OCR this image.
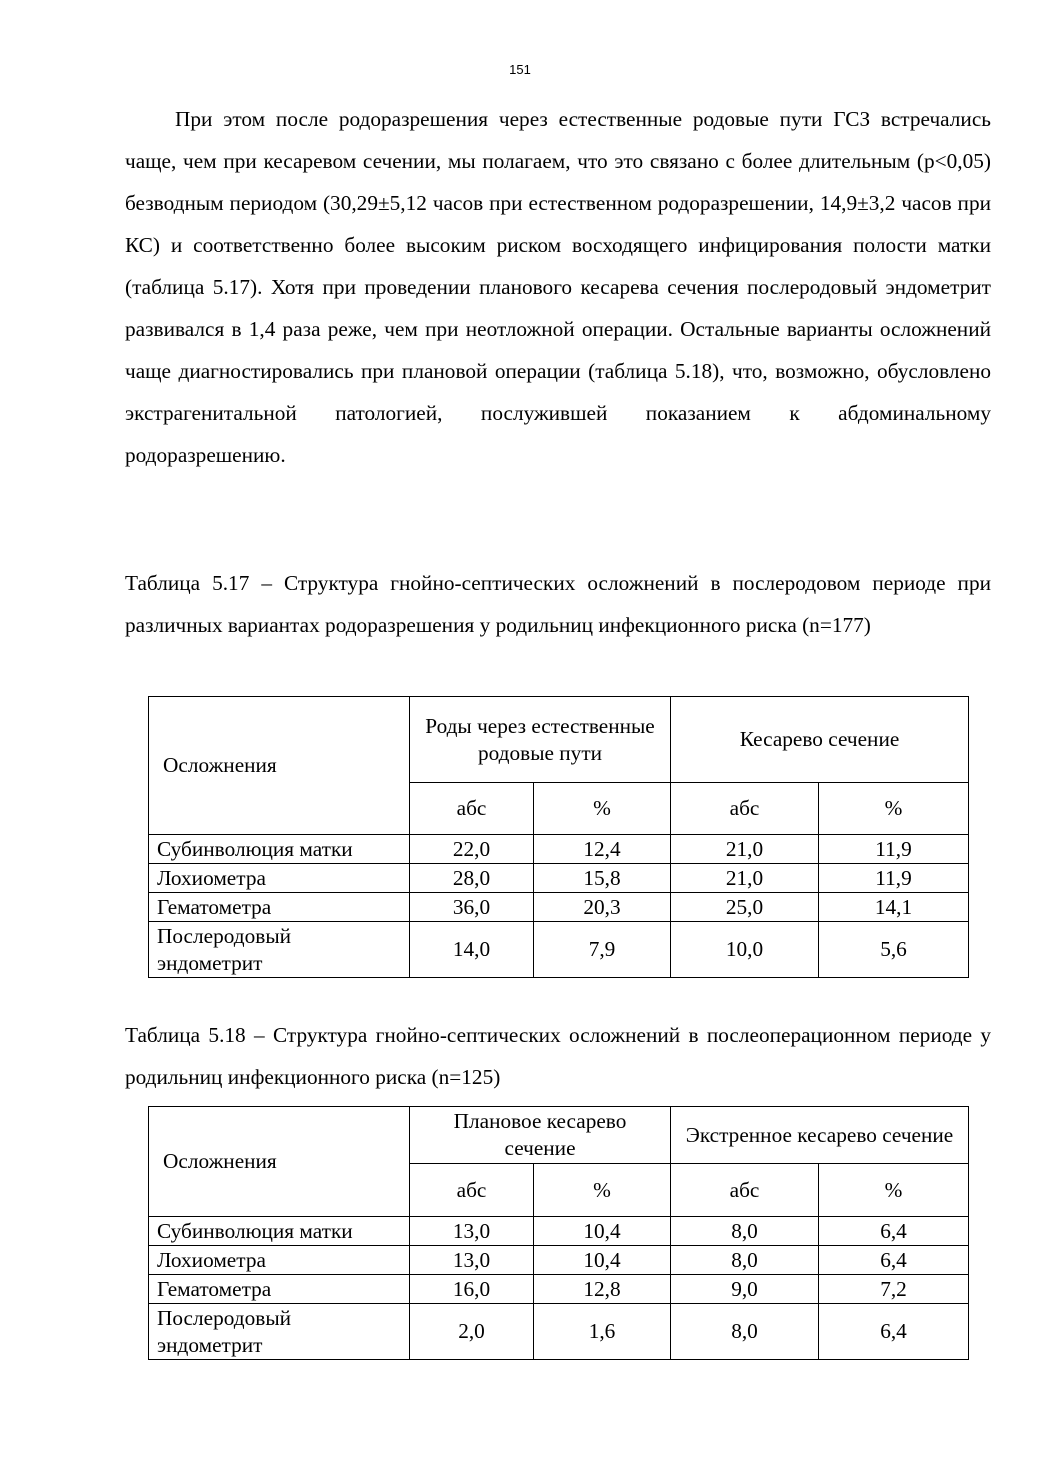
151

При этом после родоразрешения через естественные родовые пути ГСЗ встречались чаще, чем при кесаревом сечении, мы полагаем, что это связано с более длительным (р<0,05) безводным периодом (30,29±5,12 часов при естественном родоразрешении, 14,9±3,2 часов при КС) и соответственно более высоким риском восходящего инфицирования полости матки (таблица 5.17). Хотя при проведении планового кесарева сечения послеродовый эндометрит развивался в 1,4 раза реже, чем при неотложной операции. Остальные варианты осложнений чаще диагностировались при плановой операции (таблица 5.18), что, возможно, обусловлено экстрагенитальной патологией, послужившей показанием к абдоминальному родоразрешению.

Таблица 5.17 – Структура гнойно-септических осложнений в послеродовом периоде при различных вариантах родоразрешения у родильниц инфекционного риска (n=177)

Осложнения	Роды через естественные родовые пути		Кесарево сечение	
	абс	%	абс	%
Субинволюция матки	22,0	12,4	21,0	11,9
Лохиометра	28,0	15,8	21,0	11,9
Гематометра	36,0	20,3	25,0	14,1
Послеродовый эндометрит	14,0	7,9	10,0	5,6

Таблица 5.18 – Структура гнойно-септических осложнений в послеоперационном периоде у родильниц инфекционного риска (n=125)

Осложнения	Плановое кесарево сечение		Экстренное кесарево сечение	
	абс	%	абс	%
Субинволюция матки	13,0	10,4	8,0	6,4
Лохиометра	13,0	10,4	8,0	6,4
Гематометра	16,0	12,8	9,0	7,2
Послеродовый эндометрит	2,0	1,6	8,0	6,4
